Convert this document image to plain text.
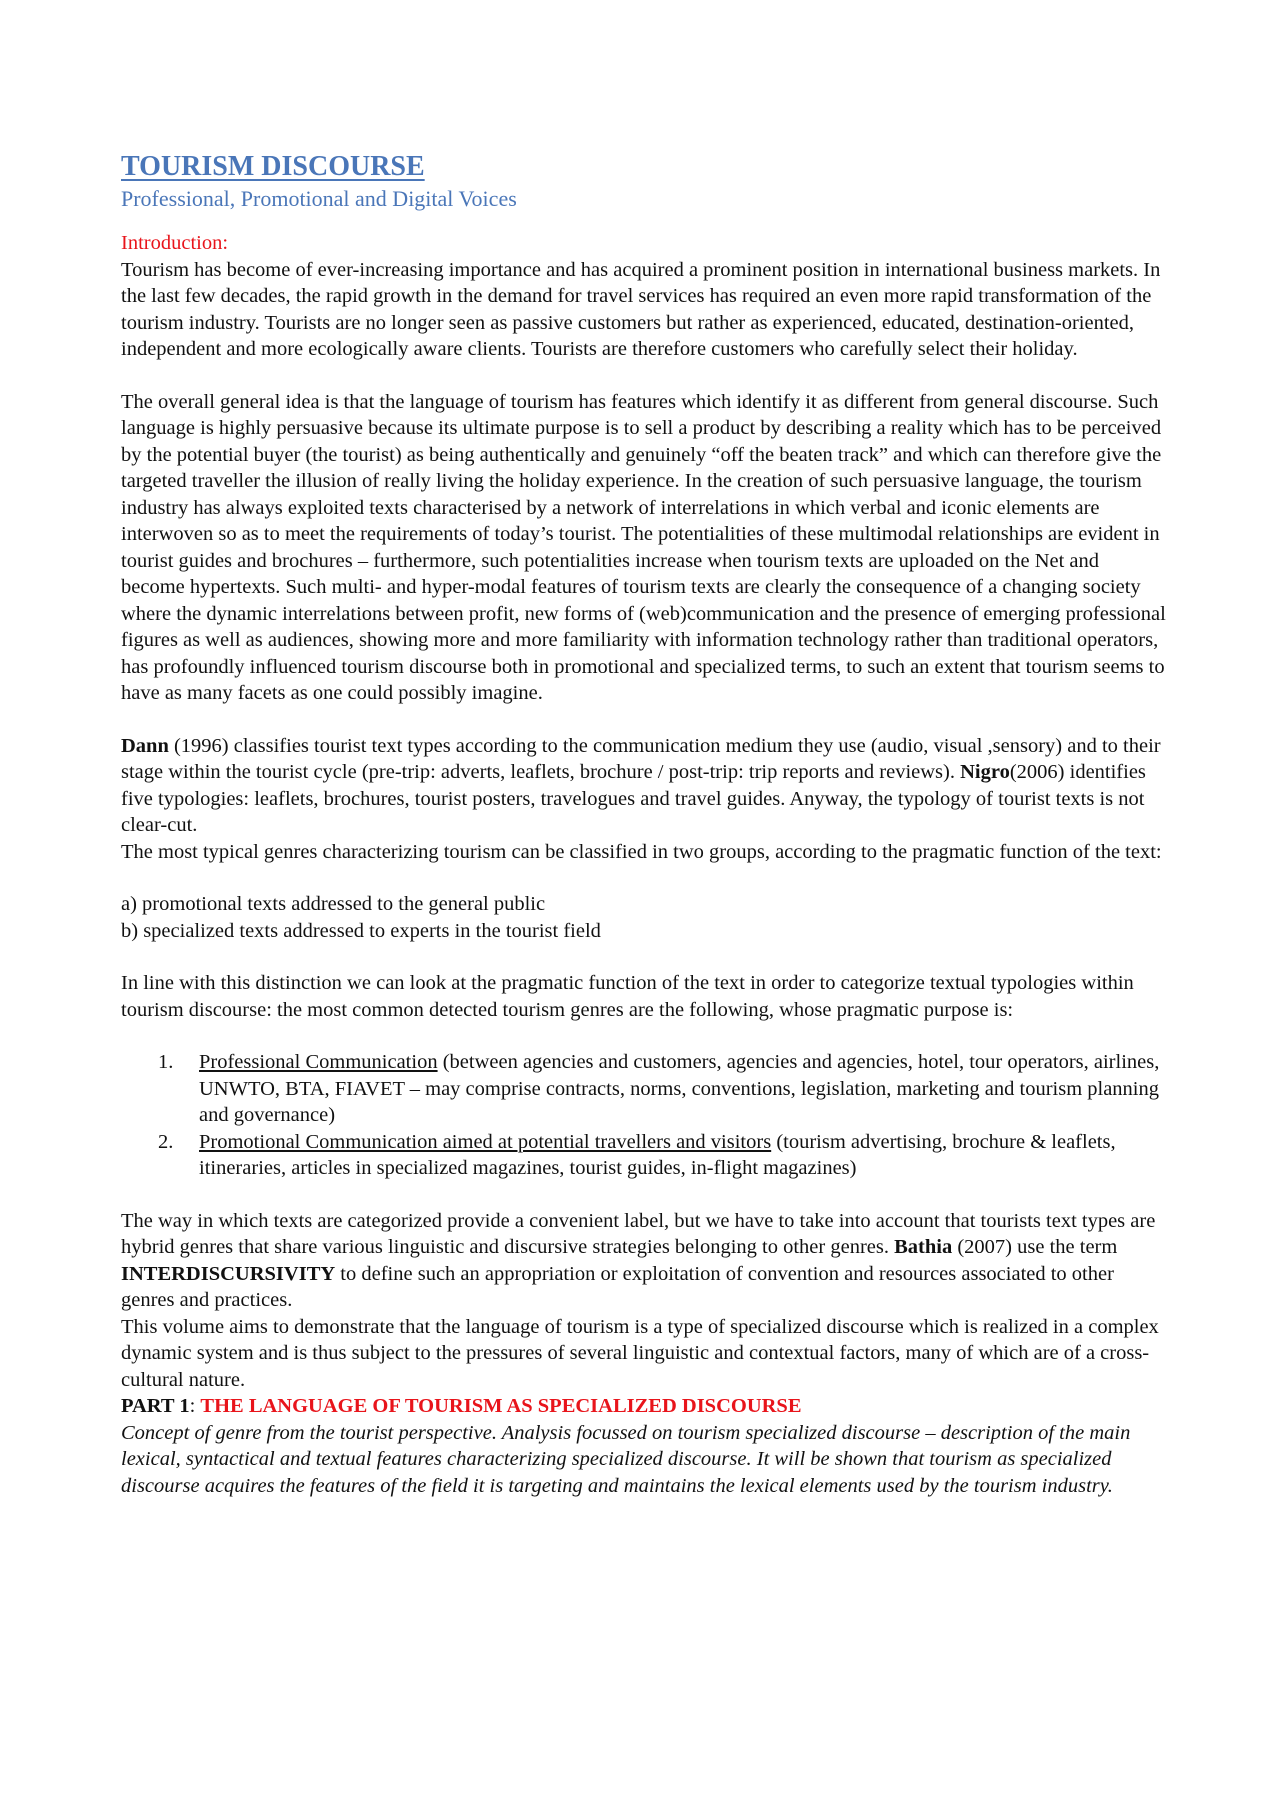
TOURISM DISCOURSE
Professional, Promotional and Digital Voices

Introduction:

Tourism has become of ever-increasing importance and has acquired a prominent position in international business markets. In the last few decades, the rapid growth in the demand for travel services has required an even more rapid transformation of the tourism industry. Tourists are no longer seen as passive customers but rather as experienced, educated, destination-oriented, independent and more ecologically aware clients. Tourists are therefore customers who carefully select their holiday.

The overall general idea is that the language of tourism has features which identify it as different from general discourse. Such language is highly persuasive because its ultimate purpose is to sell a product by describing a reality which has to be perceived by the potential buyer (the tourist) as being authentically and genuinely “off the beaten track” and which can therefore give the targeted traveller the illusion of really living the holiday experience. In the creation of such persuasive language, the tourism industry has always exploited texts characterised by a network of interrelations in which verbal and iconic elements are interwoven so as to meet the requirements of today’s tourist. The potentialities of these multimodal relationships are evident in tourist guides and brochures – furthermore, such potentialities increase when tourism texts are uploaded on the Net and become hypertexts. Such multi- and hyper-modal features of tourism texts are clearly the consequence of a changing society where the dynamic interrelations between profit, new forms of (web)communication and the presence of emerging professional figures as well as audiences, showing more and more familiarity with information technology rather than traditional operators, has profoundly influenced tourism discourse both in promotional and specialized terms, to such an extent that tourism seems to have as many facets as one could possibly imagine.

Dann (1996) classifies tourist text types according to the communication medium they use (audio, visual ,sensory) and to their stage within the tourist cycle (pre-trip: adverts, leaflets, brochure / post-trip: trip reports and reviews). Nigro(2006) identifies five typologies: leaflets, brochures, tourist posters, travelogues and travel guides. Anyway, the typology of tourist texts is not clear-cut.

The most typical genres characterizing tourism can be classified in two groups, according to the pragmatic function of the text:

a) promotional texts addressed to the general public

b) specialized texts addressed to experts in the tourist field

In line with this distinction we can look at the pragmatic function of the text in order to categorize textual typologies within tourism discourse: the most common detected tourism genres are the following, whose pragmatic purpose is:

1. Professional Communication (between agencies and customers, agencies and agencies, hotel, tour operators, airlines, UNWTO, BTA, FIAVET – may comprise contracts, norms, conventions, legislation, marketing and tourism planning and governance)
2. Promotional Communication aimed at potential travellers and visitors (tourism advertising, brochure & leaflets, itineraries, articles in specialized magazines, tourist guides, in-flight magazines)

The way in which texts are categorized provide a convenient label, but we have to take into account that tourists text types are hybrid genres that share various linguistic and discursive strategies belonging to other genres. Bathia (2007) use the term INTERDISCURSIVITY to define such an appropriation or exploitation of convention and resources associated to other genres and practices.

This volume aims to demonstrate that the language of tourism is a type of specialized discourse which is realized in a complex dynamic system and is thus subject to the pressures of several linguistic and contextual factors, many of which are of a cross-cultural nature.

PART 1: THE LANGUAGE OF TOURISM AS SPECIALIZED DISCOURSE

Concept of genre from the tourist perspective. Analysis focussed on tourism specialized discourse – description of the main lexical, syntactical and textual features characterizing specialized discourse. It will be shown that tourism as specialized discourse acquires the features of the field it is targeting and maintains the lexical elements used by the tourism industry.
